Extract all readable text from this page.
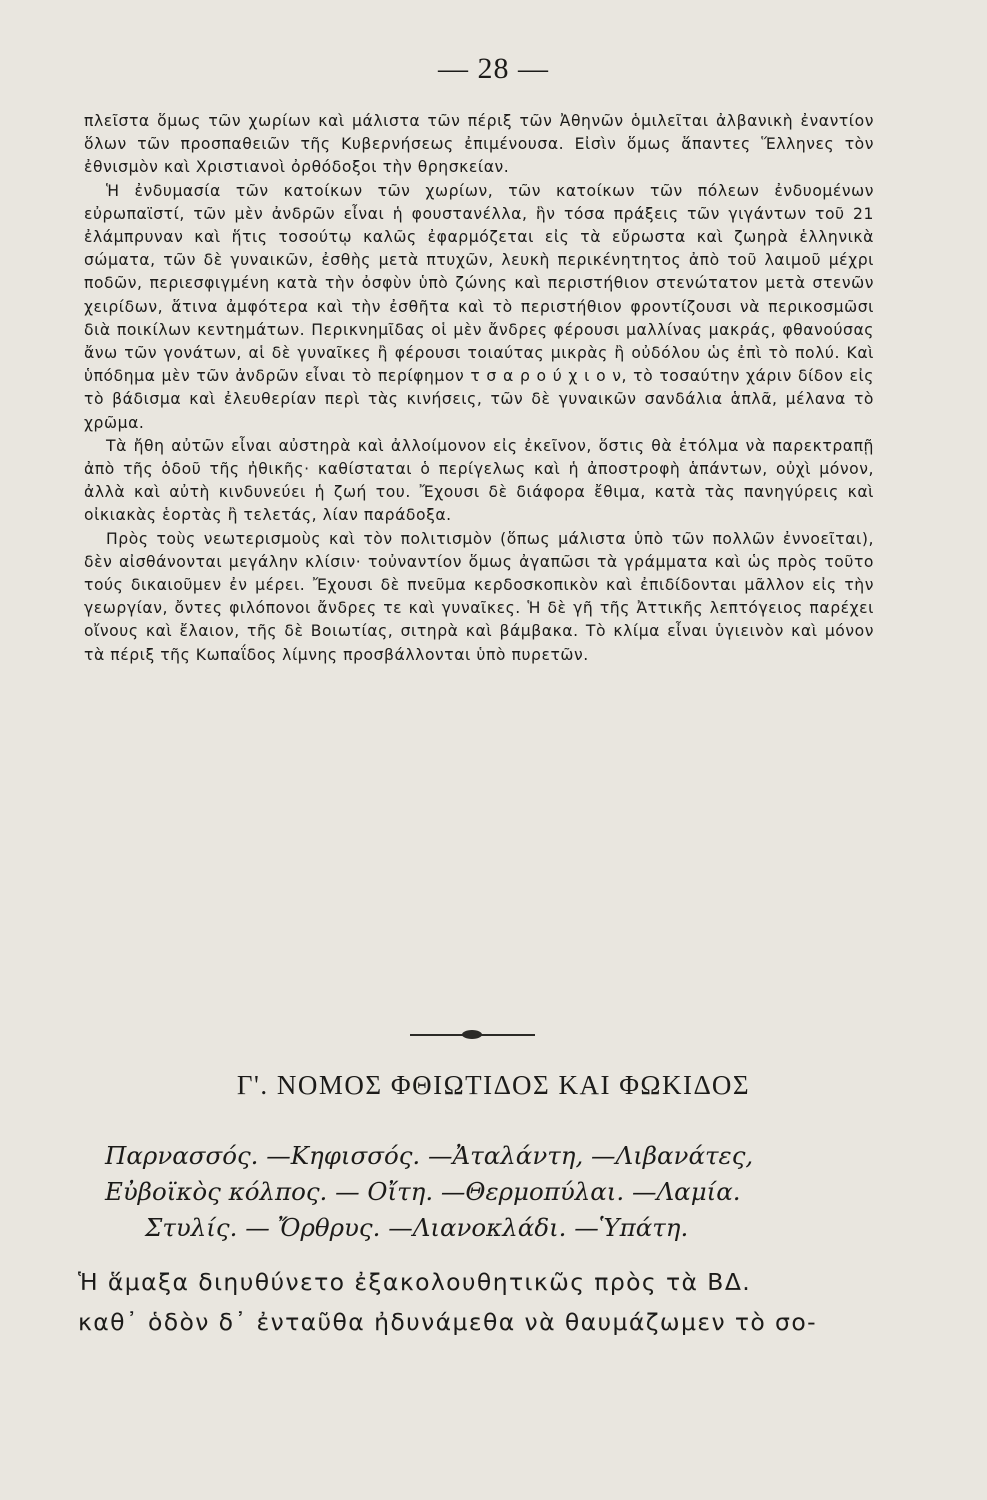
— 28 —

πλεῖστα ὅμως τῶν χωρίων καὶ μάλιστα τῶν πέριξ τῶν Ἀθηνῶν ὁμιλεῖται ἀλβανικὴ ἐναντίον ὅλων τῶν προσπαθειῶν τῆς Κυβερνήσεως ἐπιμένουσα. Εἰσὶν ὅμως ἅπαντες Ἕλληνες τὸν ἐθνισμὸν καὶ Χριστιανοὶ ὀρθόδοξοι τὴν θρησκείαν.

Ἡ ἐνδυμασία τῶν κατοίκων τῶν χωρίων, τῶν κατοίκων τῶν πόλεων ἐνδυομένων εὐρωπαϊστί, τῶν μὲν ἀνδρῶν εἶναι ἡ φουστανέλλα, ἣν τόσα πράξεις τῶν γιγάντων τοῦ 21 ἐλάμπρυναν καὶ ἥτις τοσούτῳ καλῶς ἐφαρμόζεται εἰς τὰ εὔρωστα καὶ ζωηρὰ ἑλληνικὰ σώματα, τῶν δὲ γυναικῶν, ἐσθὴς μετὰ πτυχῶν, λευκὴ περικένητητος ἀπὸ τοῦ λαιμοῦ μέχρι ποδῶν, περιεσφιγμένη κατὰ τὴν ὀσφὺν ὑπὸ ζώνης καὶ περιστήθιον στενώτατον μετὰ στενῶν χειρίδων, ἅτινα ἀμφότερα καὶ τὴν ἐσθῆτα καὶ τὸ περιστήθιον φροντίζουσι νὰ περικοσμῶσι διὰ ποικίλων κεντημάτων. Περικνημῖδας οἱ μὲν ἄνδρες φέρουσι μαλλίνας μακράς, φθανούσας ἄνω τῶν γονάτων, αἱ δὲ γυναῖκες ἢ φέρουσι τοιαύτας μικρὰς ἢ οὐδόλου ὡς ἐπὶ τὸ πολύ. Καὶ ὑπόδημα μὲν τῶν ἀνδρῶν εἶναι τὸ περίφημον τ σ α ρ ο ύ χ ι ο ν, τὸ τοσαύτην χάριν δίδον εἰς τὸ βάδισμα καὶ ἐλευθερίαν περὶ τὰς κινήσεις, τῶν δὲ γυναικῶν σανδάλια ἁπλᾶ, μέλανα τὸ χρῶμα.

Τὰ ἤθη αὐτῶν εἶναι αὐστηρὰ καὶ ἀλλοίμονον εἰς ἐκεῖνον, ὅστις θὰ ἐτόλμα νὰ παρεκτραπῇ ἀπὸ τῆς ὁδοῦ τῆς ἠθικῆς· καθίσταται ὁ περίγελως καὶ ἡ ἀποστροφὴ ἁπάντων, οὐχὶ μόνον, ἀλλὰ καὶ αὐτὴ κινδυνεύει ἡ ζωή του. Ἔχουσι δὲ διάφορα ἔθιμα, κατὰ τὰς πανηγύρεις καὶ οἰκιακὰς ἑορτὰς ἢ τελετάς, λίαν παράδοξα.

Πρὸς τοὺς νεωτερισμοὺς καὶ τὸν πολιτισμὸν (ὅπως μάλιστα ὑπὸ τῶν πολλῶν ἐννοεῖται), δὲν αἰσθάνονται μεγάλην κλίσιν· τοὐναντίον ὅμως ἀγαπῶσι τὰ γράμματα καὶ ὡς πρὸς τοῦτο τούς δικαιοῦμεν ἐν μέρει. Ἔχουσι δὲ πνεῦμα κερδοσκοπικὸν καὶ ἐπιδίδονται μᾶλλον εἰς τὴν γεωργίαν, ὄντες φιλόπονοι ἄνδρες τε καὶ γυναῖκες. Ἡ δὲ γῆ τῆς Ἀττικῆς λεπτόγειος παρέχει οἴνους καὶ ἔλαιον, τῆς δὲ Βοιωτίας, σιτηρὰ καὶ βάμβακα. Τὸ κλίμα εἶναι ὑγιεινὸν καὶ μόνον τὰ πέριξ τῆς Κωπαΐδος λίμνης προσβάλλονται ὑπὸ πυρετῶν.

Γ'. ΝΟΜΟΣ ΦΘΙΩΤΙΔΟΣ ΚΑΙ ΦΩΚΙΔΟΣ
Παρνασσός. —Κηφισσός. —Ἀταλάντη, —Λιβανάτες,
Εὐβοϊκὸς κόλπος. — Οἴτη. —Θερμοπύλαι. —Λαμία.
Στυλίς. — Ὄρθρυς. —Λιανοκλάδι. —Ὑπάτη.
Ἡ ἅμαξα διηυθύνετο ἐξακολουθητικῶς πρὸς τὰ ΒΔ.
καθ᾽ ὁδὸν δ᾽ ἐνταῦθα ἠδυνάμεθα νὰ θαυμάζωμεν τὸ σο-
